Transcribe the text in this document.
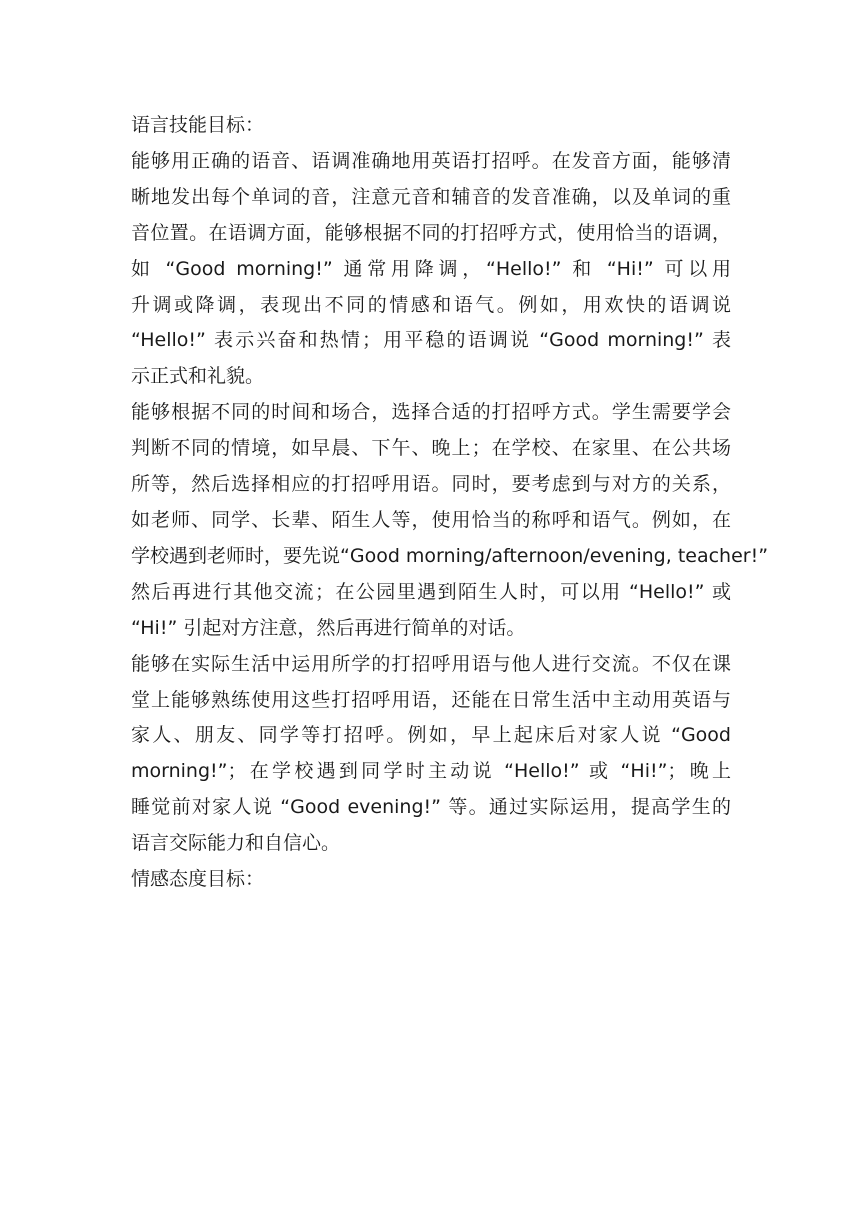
语言技能目标：
能够用正确的语音、语调准确地用英语打招呼。在发音方面，能够清
晰地发出每个单词的音，注意元音和辅音的发音准确，以及单词的重
音位置。在语调方面，能够根据不同的打招呼方式，使用恰当的语调，
如 “Good morning!” 通常用降调，“Hello!” 和 “Hi!” 可以用
升调或降调，表现出不同的情感和语气。例如，用欢快的语调说
“Hello!” 表示兴奋和热情；用平稳的语调说 “Good morning!” 表
示正式和礼貌。
能够根据不同的时间和场合，选择合适的打招呼方式。学生需要学会
判断不同的情境，如早晨、下午、晚上；在学校、在家里、在公共场
所等，然后选择相应的打招呼用语。同时，要考虑到与对方的关系，
如老师、同学、长辈、陌生人等，使用恰当的称呼和语气。例如，在
学校遇到老师时，要先说“Good morning/afternoon/evening, teacher!”
然后再进行其他交流；在公园里遇到陌生人时，可以用 “Hello!” 或
“Hi!” 引起对方注意，然后再进行简单的对话。
能够在实际生活中运用所学的打招呼用语与他人进行交流。不仅在课
堂上能够熟练使用这些打招呼用语，还能在日常生活中主动用英语与
家人、朋友、同学等打招呼。例如，早上起床后对家人说 “Good
morning!”；在学校遇到同学时主动说 “Hello!” 或 “Hi!”；晚上
睡觉前对家人说 “Good evening!” 等。通过实际运用，提高学生的
语言交际能力和自信心。
情感态度目标：
